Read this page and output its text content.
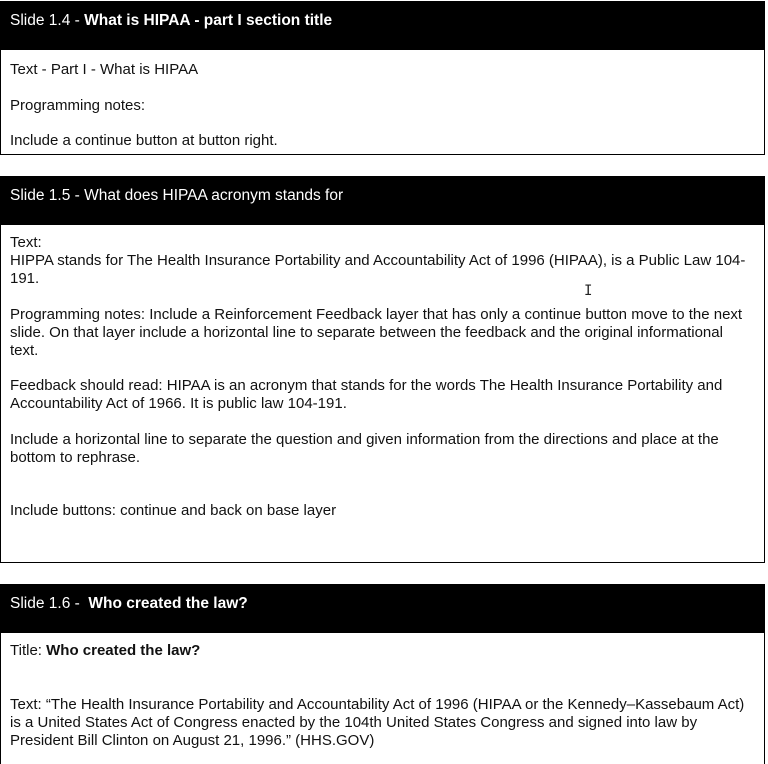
Slide 1.4 - What is HIPAA - part I section title

Text - Part I - What is HIPAA

Programming notes:

Include a continue button at button right.

Slide 1.5 - What does HIPAA acronym stands for

Text:

HIPPA stands for The Health Insurance Portability and Accountability Act of 1996 (HIPAA), is a Public Law 104-191.

Programming notes: Include a Reinforcement Feedback layer that has only a continue button move to the next slide. On that layer include a horizontal line to separate between the feedback and the original informational text.

Feedback should read: HIPAA is an acronym that stands for the words The Health Insurance Portability and Accountability Act of 1966. It is public law 104-191.

Include a horizontal line to separate the question and given information from the directions and place at the bottom to rephrase.

Include buttons: continue and back on base layer

Slide 1.6 -  Who created the law?

Title: Who created the law?

Text: “The Health Insurance Portability and Accountability Act of 1996 (HIPAA or the Kennedy–Kassebaum Act) is a United States Act of Congress enacted by the 104th United States Congress and signed into law by President Bill Clinton on August 21, 1996.” (HHS.GOV)

I
